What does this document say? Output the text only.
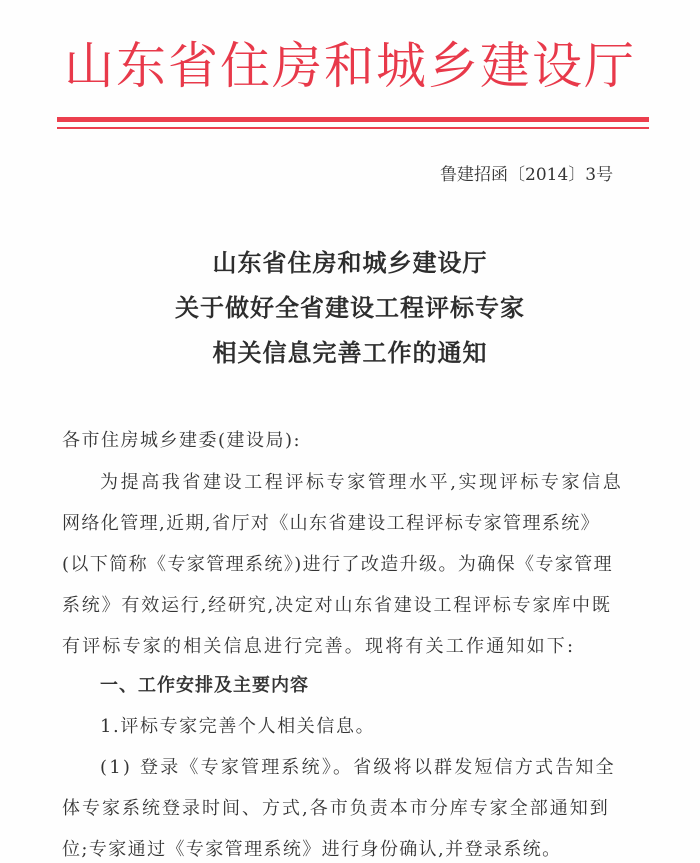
山东省住房和城乡建设厅
鲁建招函〔2014〕3号
山东省住房和城乡建设厅
关于做好全省建设工程评标专家
相关信息完善工作的通知
各市住房城乡建委(建设局):
为提高我省建设工程评标专家管理水平,实现评标专家信息
网络化管理,近期,省厅对《山东省建设工程评标专家管理系统》
(以下简称《专家管理系统》)进行了改造升级。为确保《专家管理
系统》有效运行,经研究,决定对山东省建设工程评标专家库中既
有评标专家的相关信息进行完善。现将有关工作通知如下:
一、工作安排及主要内容
1.评标专家完善个人相关信息。
(1) 登录《专家管理系统》。省级将以群发短信方式告知全
体专家系统登录时间、方式,各市负责本市分库专家全部通知到
位;专家通过《专家管理系统》进行身份确认,并登录系统。
